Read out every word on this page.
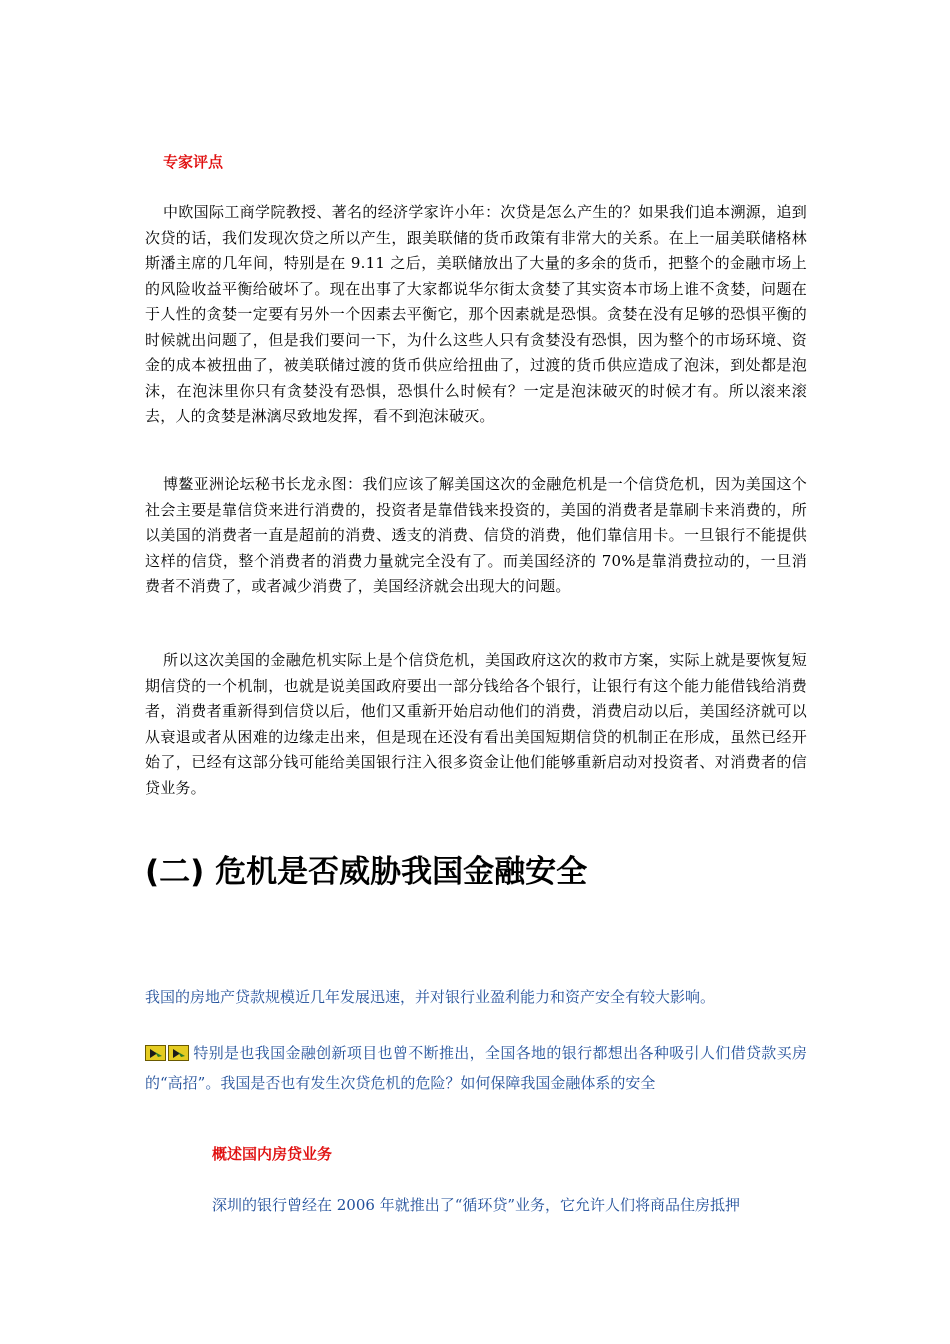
专家评点

中欧国际工商学院教授、著名的经济学家许小年：次贷是怎么产生的？如果我们追本溯源，追到次贷的话，我们发现次贷之所以产生，跟美联储的货币政策有非常大的关系。在上一届美联储格林斯潘主席的几年间，特别是在 9.11 之后，美联储放出了大量的多余的货币，把整个的金融市场上的风险收益平衡给破坏了。现在出事了大家都说华尔街太贪婪了其实资本市场上谁不贪婪，问题在于人性的贪婪一定要有另外一个因素去平衡它，那个因素就是恐惧。贪婪在没有足够的恐惧平衡的时候就出问题了，但是我们要问一下，为什么这些人只有贪婪没有恐惧，因为整个的市场环境、资金的成本被扭曲了，被美联储过渡的货币供应给扭曲了，过渡的货币供应造成了泡沫，到处都是泡沫，在泡沫里你只有贪婪没有恐惧，恐惧什么时候有？一定是泡沫破灭的时候才有。所以滚来滚去，人的贪婪是淋漓尽致地发挥，看不到泡沫破灭。

博鳌亚洲论坛秘书长龙永图：我们应该了解美国这次的金融危机是一个信贷危机，因为美国这个社会主要是靠信贷来进行消费的，投资者是靠借钱来投资的，美国的消费者是靠刷卡来消费的，所以美国的消费者一直是超前的消费、透支的消费、信贷的消费，他们靠信用卡。一旦银行不能提供这样的信贷，整个消费者的消费力量就完全没有了。而美国经济的 70%是靠消费拉动的，一旦消费者不消费了，或者减少消费了，美国经济就会出现大的问题。

所以这次美国的金融危机实际上是个信贷危机，美国政府这次的救市方案，实际上就是要恢复短期信贷的一个机制，也就是说美国政府要出一部分钱给各个银行，让银行有这个能力能借钱给消费者，消费者重新得到信贷以后，他们又重新开始启动他们的消费，消费启动以后，美国经济就可以从衰退或者从困难的边缘走出来，但是现在还没有看出美国短期信贷的机制正在形成，虽然已经开始了，已经有这部分钱可能给美国银行注入很多资金让他们能够重新启动对投资者、对消费者的信贷业务。

(二) 危机是否威胁我国金融安全

我国的房地产贷款规模近几年发展迅速，并对银行业盈利能力和资产安全有较大影响。

特别是也我国金融创新项目也曾不断推出，全国各地的银行都想出各种吸引人们借贷款买房的“高招”。我国是否也有发生次贷危机的危险？如何保障我国金融体系的安全

概述国内房贷业务

深圳的银行曾经在 2006 年就推出了“循环贷”业务，它允许人们将商品住房抵押
